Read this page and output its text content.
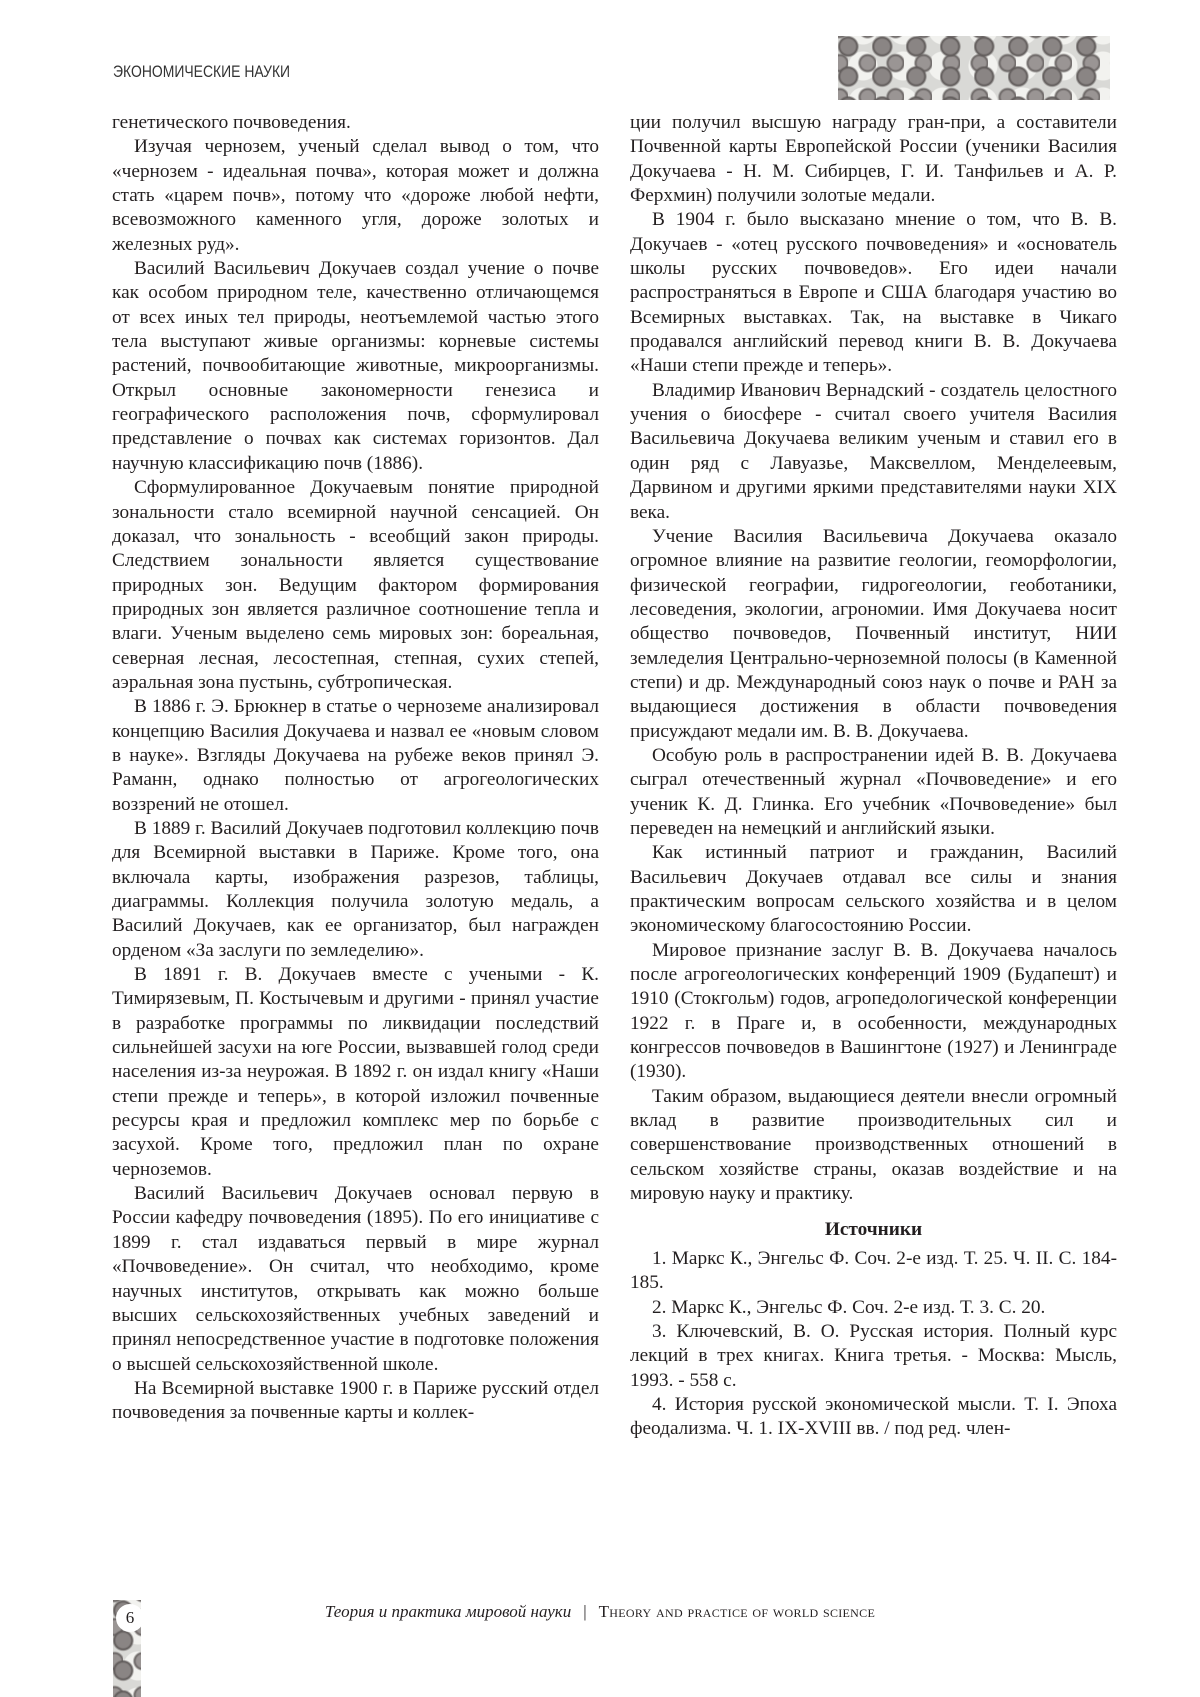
ЭКОНОМИЧЕСКИЕ НАУКИ

генетического почвоведения.

Изучая чернозем, ученый сделал вывод о том, что «чернозем - идеальная почва», которая может и должна стать «царем почв», потому что «дороже любой нефти, всевозможного каменного угля, дороже золотых и железных руд».

Василий Васильевич Докучаев создал учение о почве как особом природном теле, качественно отличающемся от всех иных тел природы, неотъемлемой частью этого тела выступают живые организмы: корневые системы растений, почвообитающие животные, микроорганизмы. Открыл основные закономерности генезиса и географического расположения почв, сформулировал представление о почвах как системах горизонтов. Дал научную классификацию почв (1886).

Сформулированное Докучаевым понятие природной зональности стало всемирной научной сенсацией. Он доказал, что зональность - всеобщий закон природы. Следствием зональности является существование природных зон. Ведущим фактором формирования природных зон является различное соотношение тепла и влаги. Ученым выделено семь мировых зон: бореальная, северная лесная, лесостепная, степная, сухих степей, аэральная зона пустынь, субтропическая.

В 1886 г. Э. Брюкнер в статье о черноземе анализировал концепцию Василия Докучаева и назвал ее «новым словом в науке». Взгляды Докучаева на рубеже веков принял Э. Раманн, однако полностью от агрогеологических воззрений не отошел.

В 1889 г. Василий Докучаев подготовил коллекцию почв для Всемирной выставки в Париже. Кроме того, она включала карты, изображения разрезов, таблицы, диаграммы. Коллекция получила золотую медаль, а Василий Докучаев, как ее организатор, был награжден орденом «За заслуги по земледелию».

В 1891 г. В. Докучаев вместе с учеными - К. Тимирязевым, П. Костычевым и другими - принял участие в разработке программы по ликвидации последствий сильнейшей засухи на юге России, вызвавшей голод среди населения из-за неурожая. В 1892 г. он издал книгу «Наши степи прежде и теперь», в которой изложил почвенные ресурсы края и предложил комплекс мер по борьбе с засухой. Кроме того, предложил план по охране черноземов.

Василий Васильевич Докучаев основал первую в России кафедру почвоведения (1895). По его инициативе с 1899 г. стал издаваться первый в мире журнал «Почвоведение». Он считал, что необходимо, кроме научных институтов, открывать как можно больше высших сельскохозяйственных учебных заведений и принял непосредственное участие в подготовке положения о высшей сельскохозяйственной школе.

На Всемирной выставке 1900 г. в Париже русский отдел почвоведения за почвенные карты и коллек-

ции получил высшую награду гран-при, а составители Почвенной карты Европейской России (ученики Василия Докучаева - Н. М. Сибирцев, Г. И. Танфильев и А. Р. Ферхмин) получили золотые медали.

В 1904 г. было высказано мнение о том, что В. В. Докучаев - «отец русского почвоведения» и «основатель школы русских почвоведов». Его идеи начали распространяться в Европе и США благодаря участию во Всемирных выставках. Так, на выставке в Чикаго продавался английский перевод книги В. В. Докучаева «Наши степи прежде и теперь».

Владимир Иванович Вернадский - создатель целостного учения о биосфере - считал своего учителя Василия Васильевича Докучаева великим ученым и ставил его в один ряд с Лавуазье, Максвеллом, Менделеевым, Дарвином и другими яркими представителями науки XIX века.

Учение Василия Васильевича Докучаева оказало огромное влияние на развитие геологии, геоморфологии, физической географии, гидрогеологии, геоботаники, лесоведения, экологии, агрономии. Имя Докучаева носит общество почвоведов, Почвенный институт, НИИ земледелия Центрально-черноземной полосы (в Каменной степи) и др. Международный союз наук о почве и РАН за выдающиеся достижения в области почвоведения присуждают медали им. В. В. Докучаева.

Особую роль в распространении идей В. В. Докучаева сыграл отечественный журнал «Почвоведение» и его ученик К. Д. Глинка. Его учебник «Почвоведение» был переведен на немецкий и английский языки.

Как истинный патриот и гражданин, Василий Васильевич Докучаев отдавал все силы и знания практическим вопросам сельского хозяйства и в целом экономическому благосостоянию России.

Мировое признание заслуг В. В. Докучаева началось после агрогеологических конференций 1909 (Будапешт) и 1910 (Стокгольм) годов, агропедологической конференции 1922 г. в Праге и, в особенности, международных конгрессов почвоведов в Вашингтоне (1927) и Ленинграде (1930).

Таким образом, выдающиеся деятели внесли огромный вклад в развитие производительных сил и совершенствование производственных отношений в сельском хозяйстве страны, оказав воздействие и на мировую науку и практику.

Источники

1. Маркс К., Энгельс Ф. Соч. 2-е изд. Т. 25. Ч. II. С. 184-185.

2. Маркс К., Энгельс Ф. Соч. 2-е изд. Т. 3. С. 20.

3. Ключевский, В. О. Русская история. Полный курс лекций в трех книгах. Книга третья. - Москва: Мысль, 1993. - 558 с.

4. История русской экономической мысли. Т. I. Эпоха феодализма. Ч. 1. IX-XVIII вв. / под ред. член-

6	Теория и практика мировой науки | Theory and practice of world science
